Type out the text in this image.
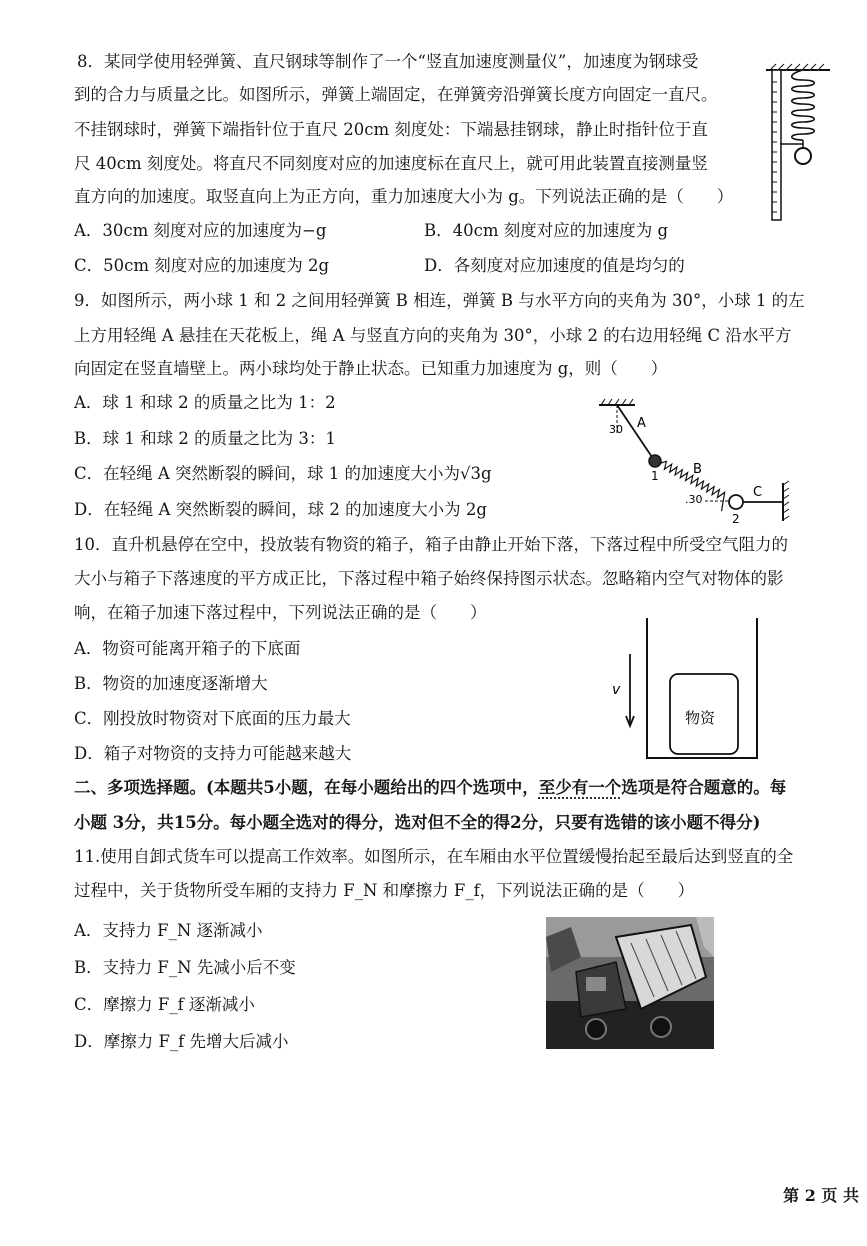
8．某同学使用轻弹簧、直尺钢球等制作了一个“竖直加速度测量仪”，加速度为钢球受
到的合力与质量之比。如图所示，弹簧上端固定，在弹簧旁沿弹簧长度方向固定一直尺。
不挂钢球时，弹簧下端指针位于直尺 20cm 刻度处：下端悬挂钢球，静止时指针位于直
尺 40cm 刻度处。将直尺不同刻度对应的加速度标在直尺上，就可用此装置直接测量竖
直方向的加速度。取竖直向上为正方向，重力加速度大小为 g。下列说法正确的是（　　）
A．30cm 刻度对应的加速度为−g	B．40cm 刻度对应的加速度为 g
C．50cm 刻度对应的加速度为 2g	D．各刻度对应加速度的值是均匀的
9．如图所示，两小球 1 和 2 之间用轻弹簧 B 相连，弹簧 B 与水平方向的夹角为 30°，小球 1 的左
上方用轻绳 A 悬挂在天花板上，绳 A 与竖直方向的夹角为 30°，小球 2 的右边用轻绳 C 沿水平方
向固定在竖直墙壁上。两小球均处于静止状态。已知重力加速度为 g，则（　　）
A．球 1 和球 2 的质量之比为 1：2
B．球 1 和球 2 的质量之比为 3：1
C．在轻绳 A 突然断裂的瞬间，球 1 的加速度大小为√3g
D．在轻绳 A 突然断裂的瞬间，球 2 的加速度大小为 2g
A
30
1	B
.30
2
C
10．直升机悬停在空中，投放装有物资的箱子，箱子由静止开始下落，下落过程中所受空气阻力的
大小与箱子下落速度的平方成正比，下落过程中箱子始终保持图示状态。忽略箱内空气对物体的影
响，在箱子加速下落过程中，下列说法正确的是（　　）
A．物资可能离开箱子的下底面
B．物资的加速度逐渐增大
C．刚投放时物资对下底面的压力最大
D．箱子对物资的支持力可能越来越大
v
物资
二、多项选择题。(本题共5小题，在每小题给出的四个选项中，至少有一个选项是符合题意的。每
小题 3分，共15分。每小题全选对的得分，选对但不全的得2分，只要有选错的该小题不得分)
11.使用自卸式货车可以提高工作效率。如图所示，在车厢由水平位置缓慢抬起至最后达到竖直的全
过程中，关于货物所受车厢的支持力 F_N 和摩擦力 F_f，下列说法正确的是（　　）
A．支持力 F_N 逐渐减小
B．支持力 F_N 先减小后不变
C．摩擦力 F_f 逐渐减小
D．摩擦力 F_f 先增大后减小
第 2 页 共
